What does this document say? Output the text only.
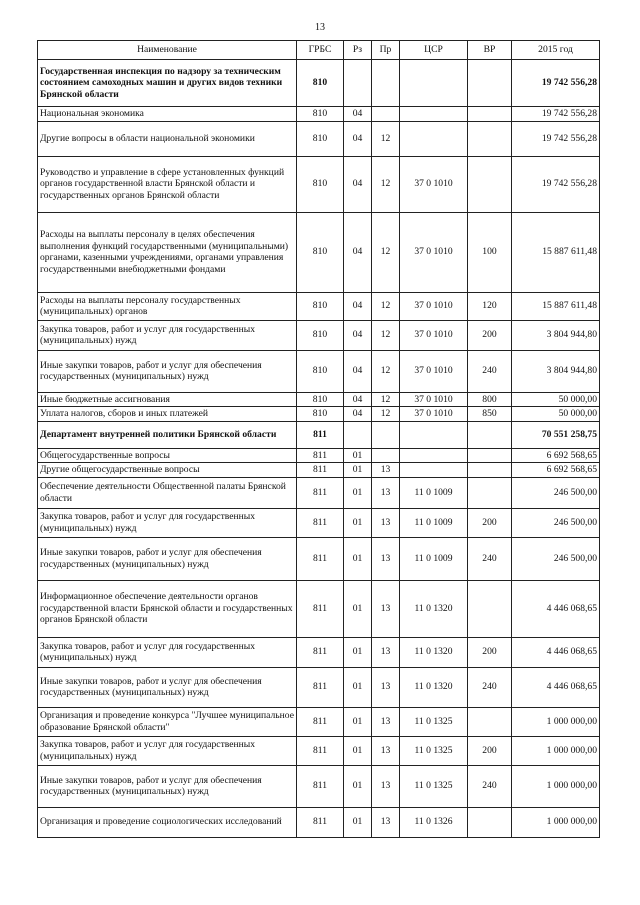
13
Наименование	ГРБС	Рз	Пр	ЦСР	ВР	2015 год
Государственная инспекция по надзору за техническим состоянием самоходных машин и других видов техники Брянской области	810					19 742 556,28
Национальная экономика	810	04				19 742 556,28
Другие вопросы в области национальной экономики	810	04	12			19 742 556,28
Руководство и управление в сфере установленных функций органов государственной власти Брянской области и государственных органов Брянской области	810	04	12	37 0 1010		19 742 556,28
Расходы на выплаты персоналу в целях обеспечения выполнения функций государственными (муниципальными) органами, казенными учреждениями, органами управления государственными внебюджетными фондами	810	04	12	37 0 1010	100	15 887 611,48
Расходы на выплаты персоналу государственных (муниципальных) органов	810	04	12	37 0 1010	120	15 887 611,48
Закупка товаров, работ и услуг для государственных (муниципальных) нужд	810	04	12	37 0 1010	200	3 804 944,80
Иные закупки товаров, работ и услуг для обеспечения государственных (муниципальных) нужд	810	04	12	37 0 1010	240	3 804 944,80
Иные бюджетные ассигнования	810	04	12	37 0 1010	800	50 000,00
Уплата налогов, сборов и иных платежей	810	04	12	37 0 1010	850	50 000,00
Департамент внутренней политики Брянской области	811					70 551 258,75
Общегосударственные вопросы	811	01				6 692 568,65
Другие общегосударственные вопросы	811	01	13			6 692 568,65
Обеспечение деятельности Общественной палаты Брянской области	811	01	13	11 0 1009		246 500,00
Закупка товаров, работ и услуг для государственных (муниципальных) нужд	811	01	13	11 0 1009	200	246 500,00
Иные закупки товаров, работ и услуг для обеспечения государственных (муниципальных) нужд	811	01	13	11 0 1009	240	246 500,00
Информационное обеспечение деятельности органов государственной власти Брянской области и государственных органов Брянской области	811	01	13	11 0 1320		4 446 068,65
Закупка товаров, работ и услуг для государственных (муниципальных) нужд	811	01	13	11 0 1320	200	4 446 068,65
Иные закупки товаров, работ и услуг для обеспечения государственных (муниципальных) нужд	811	01	13	11 0 1320	240	4 446 068,65
Организация и проведение конкурса "Лучшее муниципальное образование Брянской области"	811	01	13	11 0 1325		1 000 000,00
Закупка товаров, работ и услуг для государственных (муниципальных) нужд	811	01	13	11 0 1325	200	1 000 000,00
Иные закупки товаров, работ и услуг для обеспечения государственных (муниципальных) нужд	811	01	13	11 0 1325	240	1 000 000,00
Организация и проведение социологических исследований	811	01	13	11 0 1326		1 000 000,00
